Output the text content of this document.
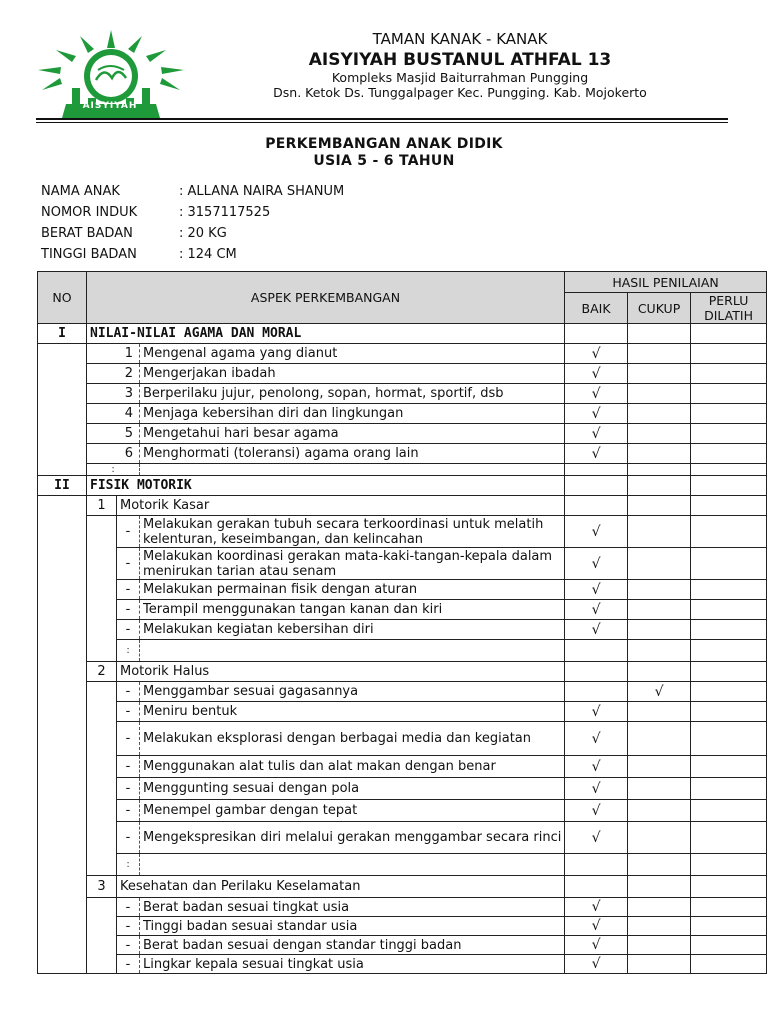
AISYIYAH
TAMAN KANAK - KANAK
AISYIYAH BUSTANUL ATHFAL 13
Kompleks Masjid Baiturrahman Pungging
Dsn. Ketok Ds. Tunggalpager Kec. Pungging. Kab. Mojokerto
PERKEMBANGAN ANAK DIDIK
USIA 5 - 6 TAHUN
NAMA ANAK	: ALLANA NAIRA SHANUM
NOMOR INDUK	: 3157117525
BERAT BADAN	: 20 KG
TINGGI BADAN	: 124 CM
NO	ASPEK PERKEMBANGAN			HASIL PENILAIAN		
				BAIK	CUKUP	PERLU DILATIH
I	NILAI-NILAI AGAMA DAN MORAL					
	1		Mengenal agama yang dianut	√		
	2		Mengerjakan ibadah	√		
	3		Berperilaku jujur, penolong, sopan, hormat, sportif, dsb	√		
	4		Menjaga kebersihan diri dan lingkungan	√		
	5		Mengetahui hari besar agama	√		
	6		Menghormati (toleransi) agama orang lain	√		
	:					
II	FISIK MOTORIK					
	1	Motorik Kasar				
		-	Melakukan gerakan tubuh secara terkoordinasi untuk melatih kelenturan, keseimbangan, dan kelincahan	√		
		-	Melakukan koordinasi gerakan mata-kaki-tangan-kepala dalam menirukan tarian atau senam	√		
		-	Melakukan permainan fisik dengan aturan	√		
		-	Terampil menggunakan tangan kanan dan kiri	√		
		-	Melakukan kegiatan kebersihan diri	√		
		:				
	2	Motorik Halus				
		-	Menggambar sesuai gagasannya		√	
		-	Meniru bentuk	√		
		-	Melakukan eksplorasi dengan berbagai media dan kegiatan	√		
		-	Menggunakan alat tulis dan alat makan dengan benar	√		
		-	Menggunting sesuai dengan pola	√		
		-	Menempel gambar dengan tepat	√		
		-	Mengekspresikan diri melalui gerakan menggambar secara rinci	√		
		:				
	3	Kesehatan dan Perilaku Keselamatan				
		-	Berat badan sesuai tingkat usia	√		
		-	Tinggi badan sesuai standar usia	√		
		-	Berat badan sesuai dengan standar tinggi badan	√		
		-	Lingkar kepala sesuai tingkat usia	√		
